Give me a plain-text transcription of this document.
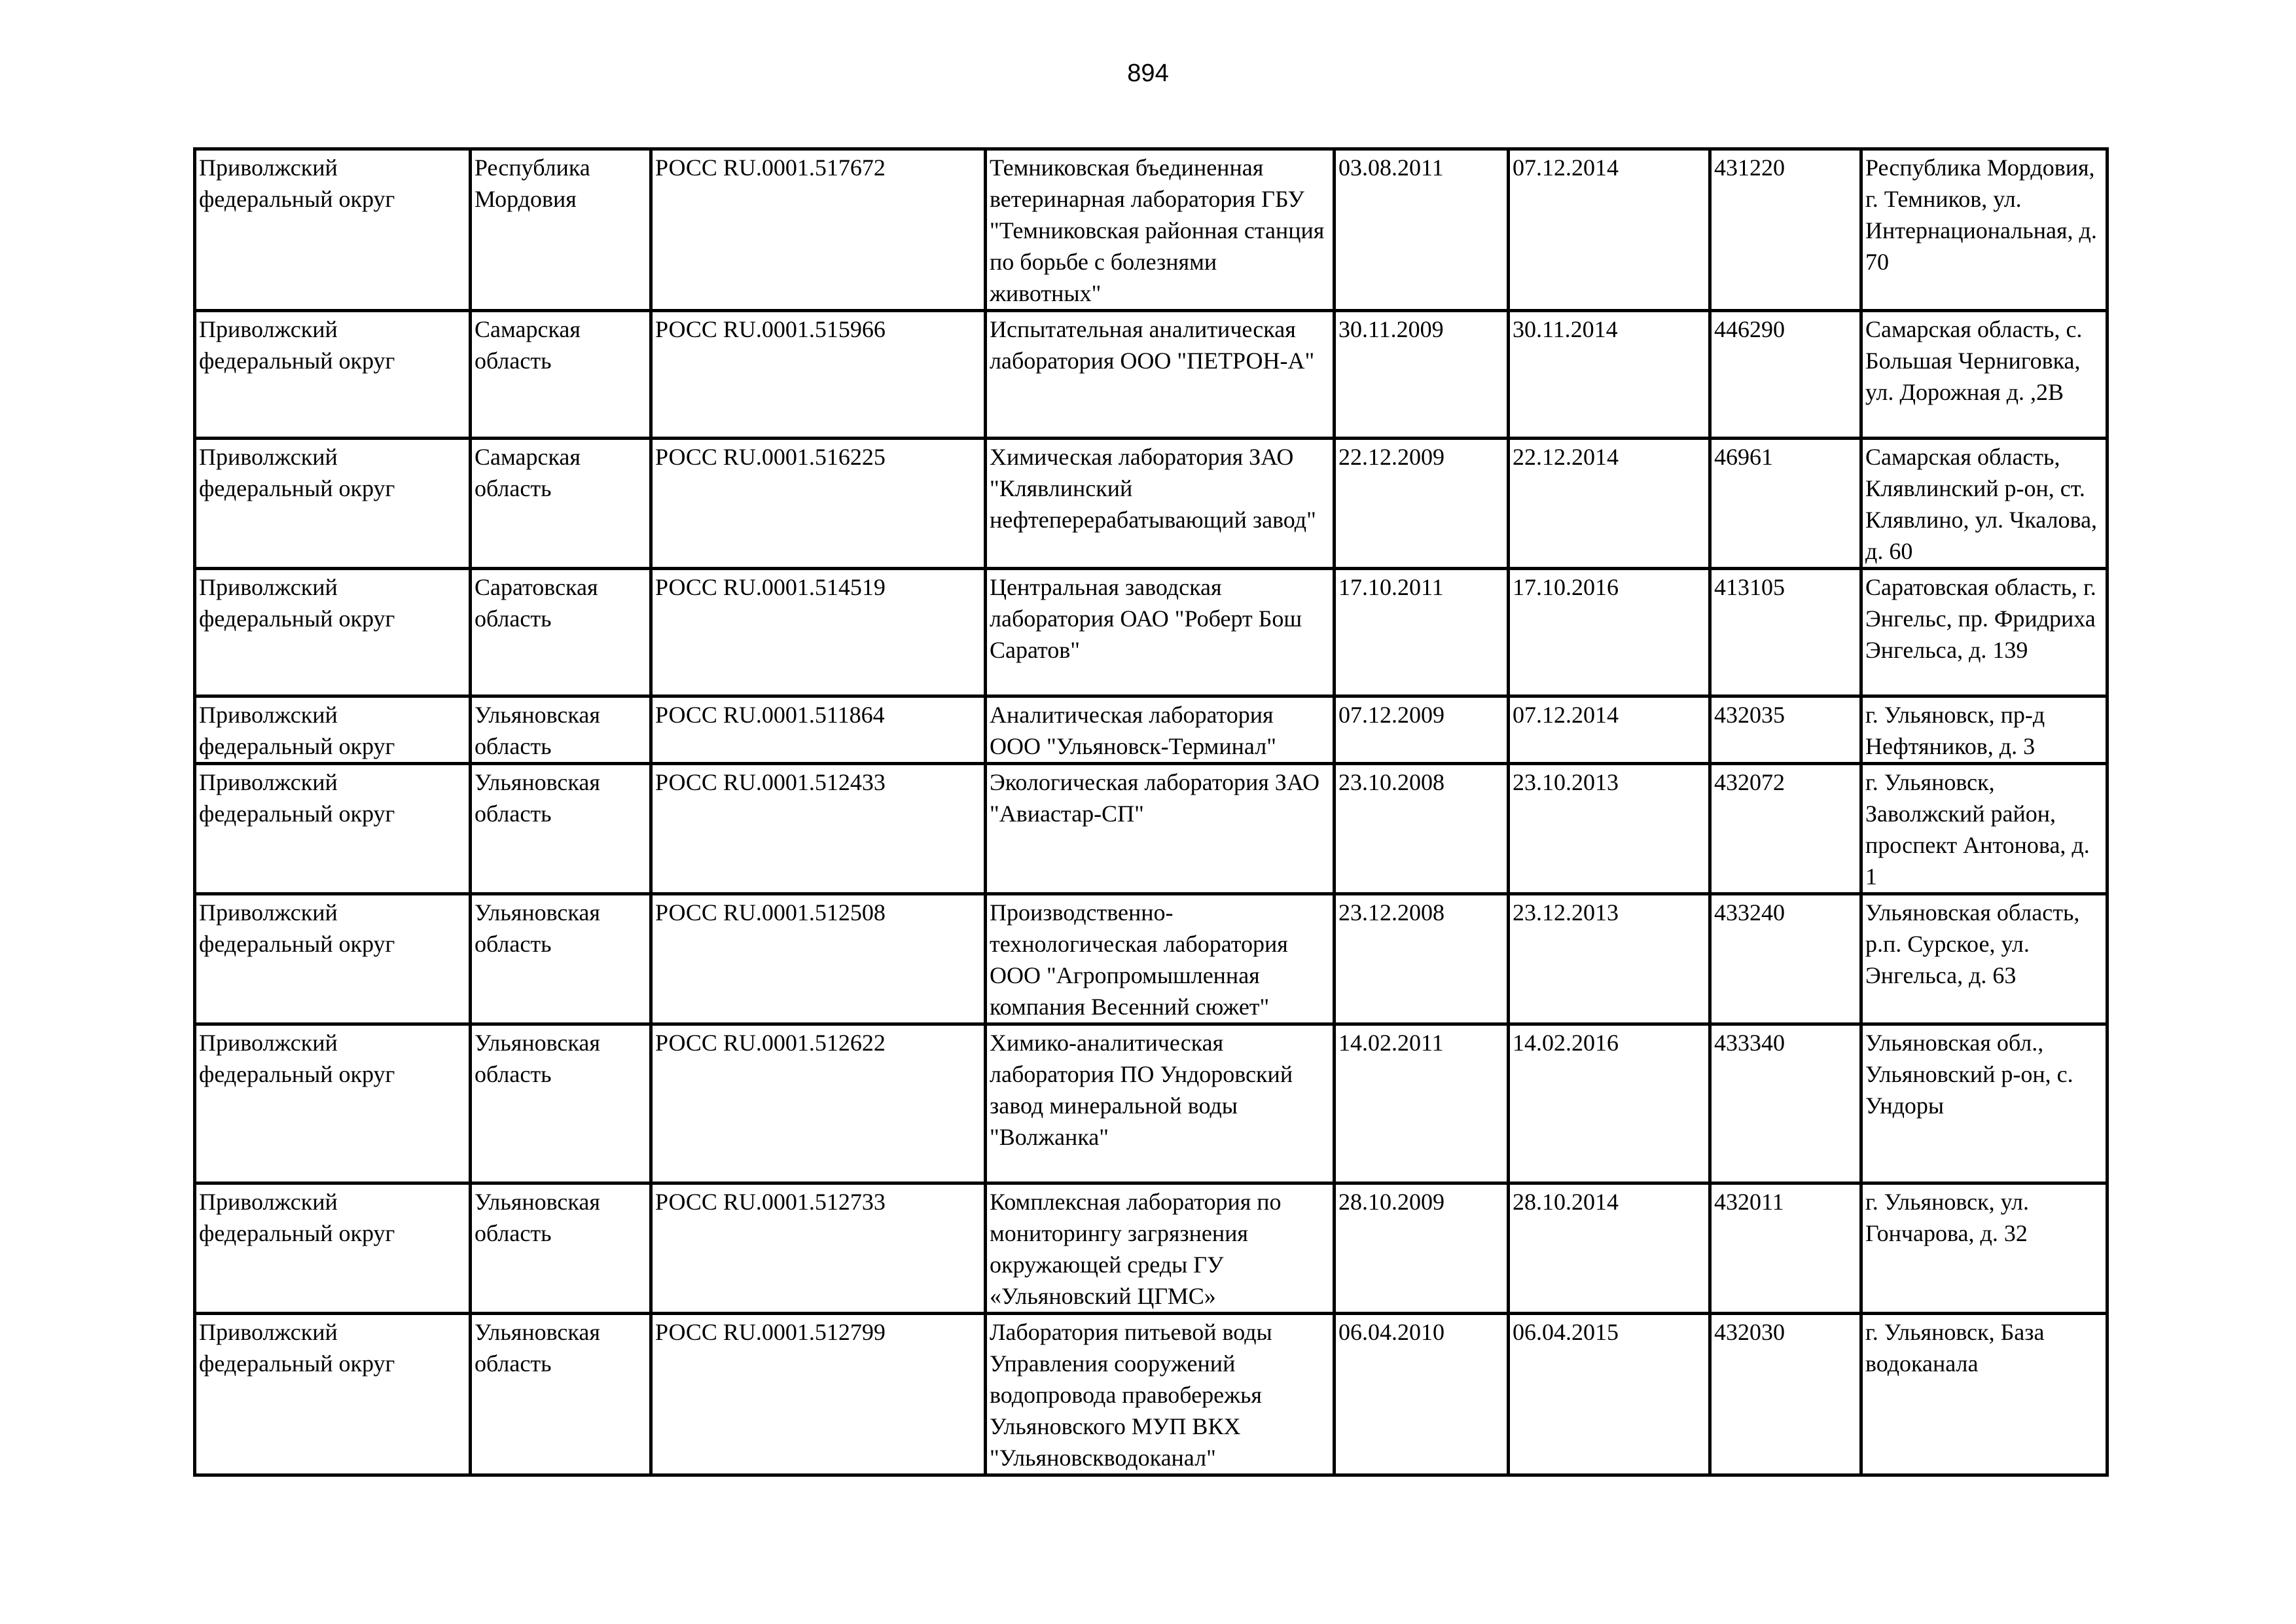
894
Приволжский федеральный округ	Республика Мордовия	РОСС RU.0001.517672	Темниковская бъединенная ветеринарная лаборатория ГБУ "Темниковская районная станция по борьбе с болезнями животных"	03.08.2011	07.12.2014	431220	Республика Мордовия, г. Темников, ул. Интернациональная, д. 70
Приволжский федеральный округ	Самарская область	РОСС RU.0001.515966	Испытательная аналитическая лаборатория ООО "ПЕТРОН-А"	30.11.2009	30.11.2014	446290	Самарская область, с. Большая Черниговка, ул. Дорожная д. ,2В
Приволжский федеральный округ	Самарская область	РОСС RU.0001.516225	Химическая лаборатория ЗАО "Клявлинский нефтеперерабатывающий завод"	22.12.2009	22.12.2014	46961	Самарская область, Клявлинский р-он, ст. Клявлино, ул. Чкалова, д. 60
Приволжский федеральный округ	Саратовская область	РОСС RU.0001.514519	Центральная заводская лаборатория ОАО "Роберт Бош Саратов"	17.10.2011	17.10.2016	413105	Саратовская область, г. Энгельс, пр. Фридриха Энгельса, д. 139
Приволжский федеральный округ	Ульяновская область	РОСС RU.0001.511864	Аналитическая лаборатория ООО "Ульяновск-Терминал"	07.12.2009	07.12.2014	432035	г. Ульяновск, пр-д Нефтяников, д. 3
Приволжский федеральный округ	Ульяновская область	РОСС RU.0001.512433	Экологическая лаборатория ЗАО "Авиастар-СП"	23.10.2008	23.10.2013	432072	г. Ульяновск, Заволжский район, проспект Антонова, д. 1
Приволжский федеральный округ	Ульяновская область	РОСС RU.0001.512508	Производственно-технологическая лаборатория ООО "Агропромышленная компания Весенний сюжет"	23.12.2008	23.12.2013	433240	Ульяновская область, р.п. Сурское, ул. Энгельса, д. 63
Приволжский федеральный округ	Ульяновская область	РОСС RU.0001.512622	Химико-аналитическая лаборатория ПО Ундоровский завод минеральной воды "Волжанка"	14.02.2011	14.02.2016	433340	Ульяновская обл., Ульяновский р-он, с. Ундоры
Приволжский федеральный округ	Ульяновская область	РОСС RU.0001.512733	Комплексная лаборатория по мониторингу загрязнения окружающей среды ГУ «Ульяновский ЦГМС»	28.10.2009	28.10.2014	432011	г. Ульяновск, ул. Гончарова, д. 32
Приволжский федеральный округ	Ульяновская область	РОСС RU.0001.512799	Лаборатория питьевой воды Управления сооружений водопровода правобережья Ульяновского МУП ВКХ "Ульяновскводоканал"	06.04.2010	06.04.2015	432030	г. Ульяновск, База водоканала
